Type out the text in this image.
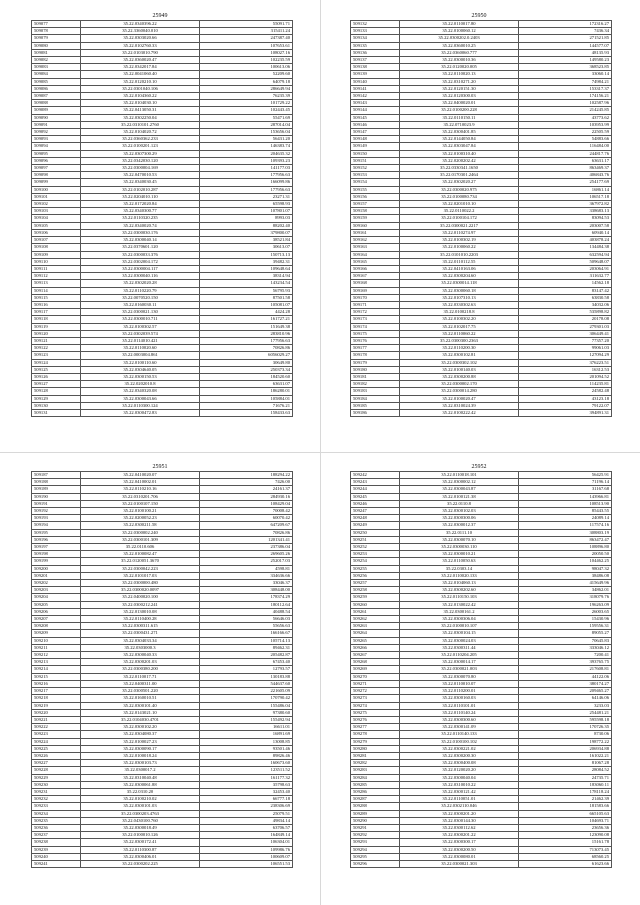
25949
509077	35.22.0340396.22	55091.71
509078	35.22.3360040.010	315411.24
509079	35.22.0303020.66	247387.40
509080	35.22.0102760.33	107653.61
509081	35.22.0103010.790	108027.16
509082	35.22.0360020.47	102235.59
509083	35.22.0342017.84	100613.06
509084	35.22.0041060.40	52209.60
509085	35.22.0120210.10	64079.18
509086	35.22.0301040.106	286649.94
509087	35.22.0104360.22	76235.39
509088	35.22.0104030.10	101729.22
509089	35.22.0413050.31	102443.45
509090	35.22.0302250.04	55471.69
509091	35.22.0310101.2760	287014.04
509092	35.22.0104020.72	153656.04
509093	35.22.0360362.233	56431.20
509094	35.22.0100201.123	146383.74
509095	35.22.0307300.29	204635.32
509096	35.22.0342030.120	109393.23
509097	35.22.0300004.169	141177.03
509098	35.22.0470010.53	177956.63
509099	35.22.0340030.45	166099.86
509100	35.22.0102010.287	177956.63
509101	35.22.0204010.110	23271.31
509102	35.22.0172020.84	65598.93
509103	35.22.0340300.77	107801.07
509104	35.22.0110320.235	8993.03
509105	35.22.0340020.74	88202.40
509106	35.22.0300030.176	379800.07
509107	35.22.0300040.14	38521.84
509108	35.22.0370601.120	30613.07
509109	35.22.0300033.376	150713.13
509110	35.22.0302004.172	39482.31
509111	35.22.0300004.117	109648.64
509112	35.22.0300040.116	38314.94
509113	35.22.0302020.28	143234.54
509114	35.22.0110220.79	56795.93
509115	35.22.0070520.150	87501.58
509116	35.22.0160030.11	105081.07
509117	35.22.0300021.130	4424.28
509118	35.22.0300010.711	161727.21
509119	35.22.0100302.57	151649.38
509120	35.22.0302039.574	283810.96
509121	35.22.0114010.421	177956.63
509122	35.22.0110020.60	70826.86
509123	35.22.0003004.861	6056029.27
509124	35.22.0100110.60	30649.80
509125	35.22.0304640.05	250373.34
509126	35.22.0300150.53	184520.60
509127	35.22.0202010.8	63631.07
509128	35.22.0340320.08	186280.01
509129	35.22.0300043.66	105884.01
509130	35.22.0110300.124	71676.21
509131	35.22.0300472.83	158433.63
25950
509132	35.22.0110017.80	172316.27
509133	35.22.0100060.12	7436.34
509134	35.22.0300202.0.2403	271521.85
509135	35.22.0360010.25	144577.07
509136	35.22.0360060.777	48135.93
509137	35.22.0300010.36	149580.23
509138	35.22.0120020.005	368523.85
509139	35.22.0110020.13	33060.14
509140	35.22.0310271.20	74984.21
509141	35.22.0120151.30	153317.37
509142	35.22.0120300.03	174156.21
509143	35.22.0400020.01	102587.96
509144	35.22.0100200.228	214245.85
509145	35.22.0110150.11	43773.62
509146	35.22.0710023.9	103953.99
509147	35.22.0300401.85	22505.59
509148	35.22.0144050.84	54883.66
509149	35.22.0303047.84	116484.00
509150	35.22.0100310.40	244817.76
509151	35.22.0200202.42	63631.17
509152	35.22.0330341.1650	863469.37
509153	35.22.0170301.2464	406843.76
509154	35.22.0302020.27	254177.69
509155	35.22.0300020.975	16861.14
509156	35.22.0100080.734	106517.18
509157	35.22.0201010.10	367972.82
509158	35.22.0110022.2	338683.13
509159	35.22.0100104.172	83094.53
509160	35.22.0300021.2217	203007.58
509161	35.22.0110274.97	60940.14
509162	35.22.0100302.19	403878.24
509163	35.22.0100060.22	134484.38
509164	35.22.0101010.2203	632594.94
509165	35.22.0110112.55	509648.07
509166	35.22.0410163.06	203064.91
509167	35.22.0300204.60	311632.77
509168	35.22.0300014.118	14562.18
509169	35.22.0300060.18	83147.42
509170	35.22.0107310.13	63830.58
509171	35.22.0330302.63	34032.06
509172	35.22.0100218.8	535898.82
509173	35.22.0100302.20	20178.08
509174	35.22.0102017.75	279301.03
509175	35.22.0110060.22	306449.41
509176	35.22.0300300.2363	77357.20
509177	35.22.0110200.30	99061.03
509178	35.22.0300102.81	127094.29
509179	35.22.0300302.102	376223.51
509180	35.22.0100140.03	16312.53
509181	35.22.0300200.88	201094.52
509182	35.22.0300002.170	114235.81
509183	35.22.0300014.280	24582.48
509184	35.22.0100020.47	43123.18
509185	35.22.0310024.39	79122.07
509186	35.22.0100222.42	394891.31
25951
509187	35.22.0410020.07	188294.22
509188	35.22.0410002.01	7426.00
509189	35.22.0110210.16	24161.37
509190	35.22.0310201.706	284930.16
509191	35.22.0100107.150	108429.04
509192	35.22.0100100.21	70008.42
509193	35.22.0200052.23	60070.42
509194	35.22.0300211.58	647209.67
509195	35.22.0300002.240	70826.86
509196	35.22.0300101.309	1201341.41
509197	35.22.0110.606	237386.04
509198	35.22.0100082.47	269605.26
509199	35.22.0120051.3670	252017.03
509200	35.22.0300042.223	4598.81
509201	35.22.0101017.03	334636.66
509202	35.22.0300000.480	33046.37
509203	35.22.0300020.0097	308448.00
509204	35.22.0400020.100	178374.29
509205	35.22.0300212.241	180112.64
509206	35.22.0130010.08	40488.54
509207	35.22.0110400.28	56646.03
509208	35.22.0300311.615	55656.63
509209	35.22.0300431.271	166166.67
509210	35.22.0304033.34	105714.13
509211	35.22.0303000.3	89462.31
509212	35.22.0300040.33	205482.87
509213	35.22.0300201.03	67453.40
509214	35.22.0300380.200	12793.57
509215	35.22.0110017.71	130183.88
509216	35.22.0400311.00	544637.60
509217	35.22.0300501.220	221605.09
509218	35.22.0160010.51	170790.42
509219	35.22.0300101.40	155486.04
509220	35.22.0143021.10	97380.60
509221	35.22.0104030.4701	155492.94
509222	35.22.0300102.20	16611.01
509223	35.22.0304080.37	16891.69
509224	35.22.0100027.23	13008.85
509225	35.22.0300090.17	93501.46
509226	35.22.0100018.24	89826.46
509227	35.22.0300103.73	160673.60
509228	35.22.0300017.2	123511.52
509229	35.22.0310040.48	161177.32
509230	35.22.0300061.88	35798.63
509231	35.22.0310.20	32453.40
509232	35.22.0100210.02	66777.18
509233	35.22.0300101.03	238306.69
509234	35.22.0300203.4763	25079.51
509235	35.22.0430100.760	49834.14
509236	35.22.0300018.49	63706.57
509237	35.22.0100010.126	164849.14
509238	35.22.0300172.41	106304.01
509239	35.22.0110300.87	109986.76
509240	35.22.0300406.01	100609.07
509241	35.22.0300202.225	106551.53
25952
509242	35.22.0110018.101	56425.91
509243	35.22.0300002.12	71196.14
509244	35.22.0300043.87	31167.68
509245	35.22.0100121.38	143966.81
509246	35.22.0110.8	108513.90
509247	35.22.0300102.03	85443.55
509248	35.22.0300300.06	24089.14
509249	35.22.0300012.37	117574.16
509250	35.22.0111.10	308803.19
509251	35.22.0300070.10	863472.47
509252	35.22.0300030.110	108896.80
509253	35.22.0300010.21	20050.50
509254	35.22.0110050.63	104462.25
509255	35.22.0303.14	98047.32
509256	35.22.0110020.133	38486.08
509257	35.22.0104060.13	415649.96
509258	35.22.0300202.60	34862.01
509259	35.22.0110150.103	318079.76
509260	35.22.0130022.42	196263.09
509261	35.22.0300161.2	26003.65
509262	35.22.0300306.04	15430.96
509263	35.22.0100010.107	159556.31
509264	35.22.0300104.15	89055.27
509265	35.22.0300024.03	70645.83
509266	35.22.0300311.44	333046.12
509267	35.22.0110204.205	7200.41
509268	35.22.0300014.17	393765.75
509269	35.22.0300021.003	217608.81
509270	35.22.0300070.80	44122.06
509271	35.22.0110010.07	380174.27
509272	35.22.0110200.01	209465.27
509273	35.22.0300160.03	64146.06
509274	35.22.0110101.01	3233.03
509275	35.22.0110140.24	254481.21
509276	35.22.0300300.60	595598.18
509277	35.22.0300141.09	170726.35
509278	35.22.0110140.133	8730.06
509279	35.22.0100100.102	198772.22
509280	35.22.0300221.02	206934.88
509281	35.22.0300200.30	161022.21
509282	35.22.0300400.08	81067.28
509283	35.22.0120020.20	28084.52
509284	35.22.0300040.04	24735.71
509285	35.22.0310010.22	183060.11
509286	35.22.0300121.42	178118.24
509287	35.22.0110051.01	21462.39
509288	35.22.0302110.046	181583.66
509289	35.22.0300201.20	665105.63
509290	35.22.0300144.30	104693.71
509291	35.22.0300112.62	23656.36
509292	35.22.0300201.22	123090.08
509293	35.22.0300300.17	15161.78
509294	35.22.0300200.50	713073.45
509295	35.22.0300080.01	68560.25
509296	35.22.0300021.303	61623.66
